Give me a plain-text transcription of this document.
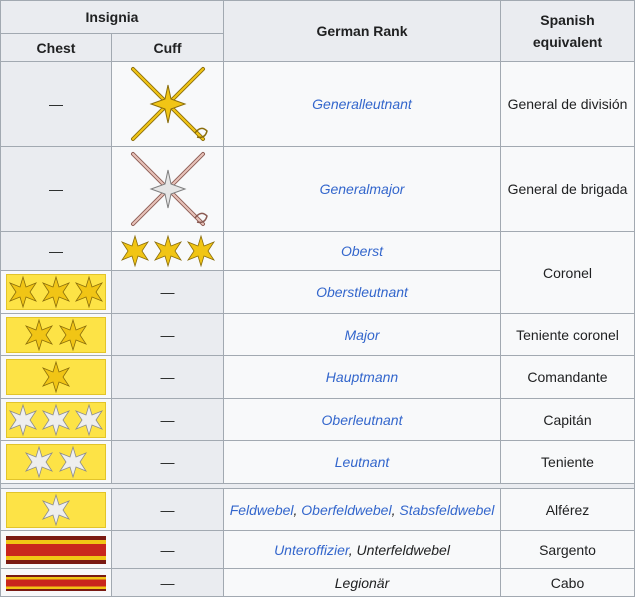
Insignia		German Rank	Spanish equivalent
Chest	Cuff		
—		Generalleutnant	General de división
—		Generalmajor	General de brigada
—		Oberst	Coronel

	—	Oberstleutnant	

	—	Major	Teniente coronel

	—	Hauptmann	Comandante

	—	Oberleutnant	Capitán

	—	Leutnant	Teniente

	—	Feldwebel, Oberfeldwebel, Stabsfeldwebel	Alférez

	—	Unteroffizier, Unterfeldwebel	Sargento

	—	Legionär	Cabo
